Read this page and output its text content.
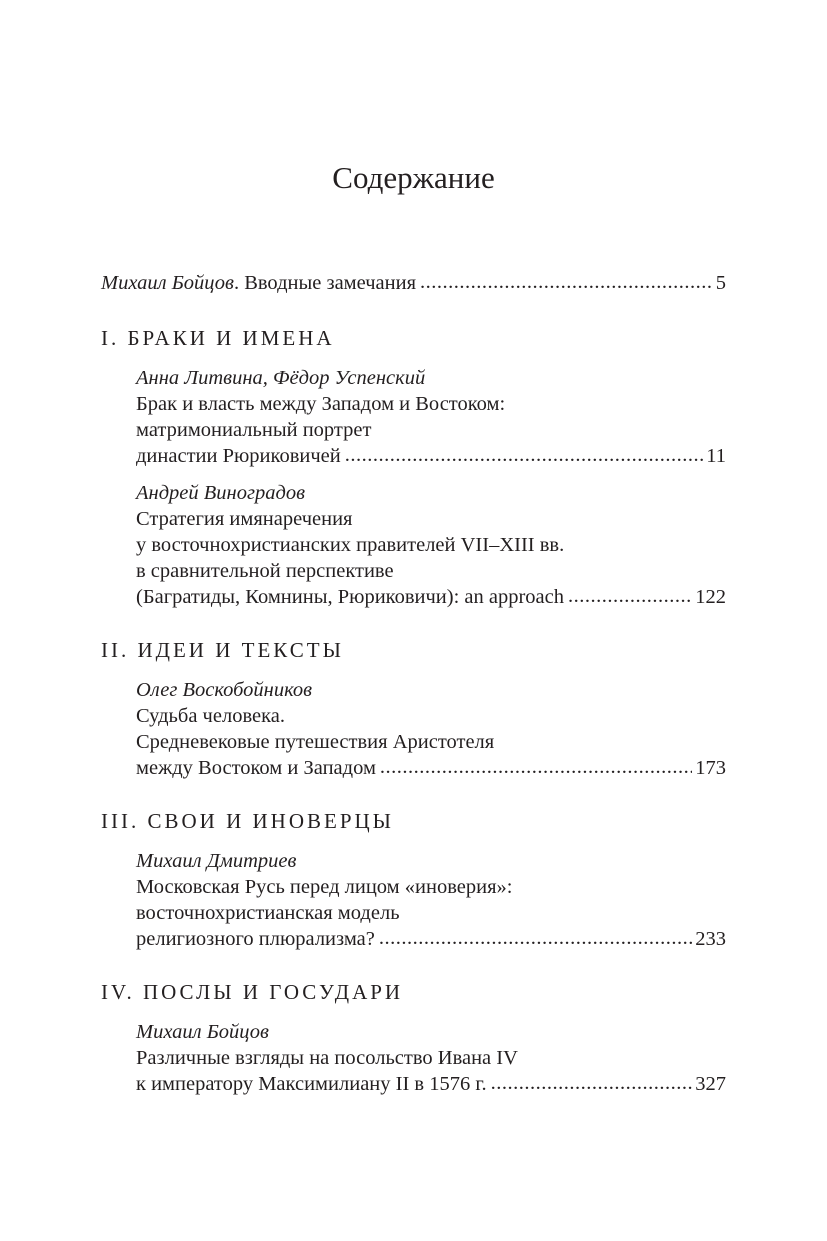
Содержание
Михаил Бойцов. Вводные замечания .....	5
I. БРАКИ И ИМЕНА
Анна Литвина, Фёдор Успенский
Брак и власть между Западом и Востоком:
матримониальный портрет
династии Рюриковичей .....	11
Андрей Виноградов
Стратегия имянаречения
у восточнохристианских правителей VII–XIII вв.
в сравнительной перспективе
(Багратиды, Комнины, Рюриковичи): an approach .....	122
II. ИДЕИ И ТЕКСТЫ
Олег Воскобойников
Судьба человека.
Средневековые путешествия Аристотеля
между Востоком и Западом .....	173
III. СВОИ И ИНОВЕРЦЫ
Михаил Дмитриев
Московская Русь перед лицом «иноверия»:
восточнохристианская модель
религиозного плюрализма? .....	233
IV. ПОСЛЫ И ГОСУДАРИ
Михаил Бойцов
Различные взгляды на посольство Ивана IV
к императору Максимилиану II в 1576 г. .....	327
